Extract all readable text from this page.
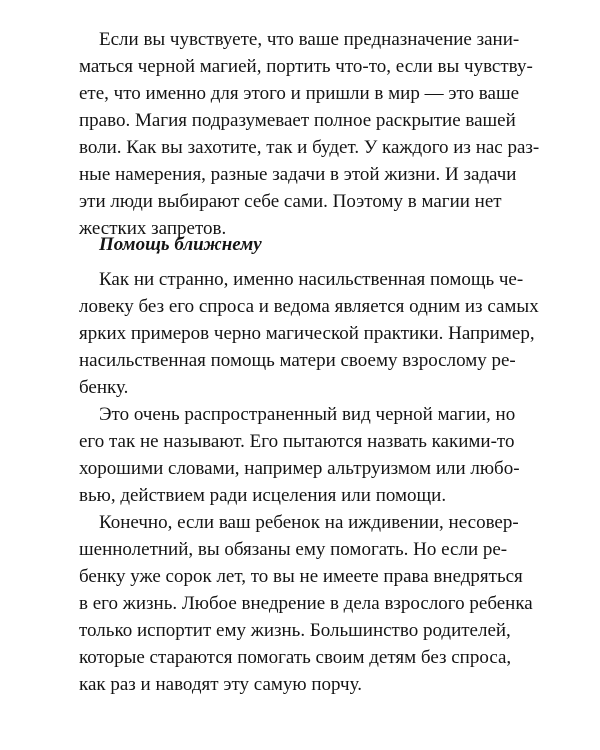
Если вы чувствуете, что ваше предназначение зани-
маться черной магией, портить что-то, если вы чувству-
ете, что именно для этого и пришли в мир — это ваше
право. Магия подразумевает полное раскрытие вашей
воли. Как вы захотите, так и будет. У каждого из нас раз-
ные намерения, разные задачи в этой жизни. И задачи
эти люди выбирают себе сами. Поэтому в магии нет
жестких запретов.
Помощь ближнему
Как ни странно, именно насильственная помощь че-
ловеку без его спроса и ведома является одним из самых
ярких примеров черно магической практики. Например,
насильственная помощь матери своему взрослому ре-
бенку.
Это очень распространенный вид черной магии, но
его так не называют. Его пытаются назвать какими-то
хорошими словами, например альтруизмом или любо-
вью, действием ради исцеления или помощи.
Конечно, если ваш ребенок на иждивении, несовер-
шеннолетний, вы обязаны ему помогать. Но если ре-
бенку уже сорок лет, то вы не имеете права внедряться
в его жизнь. Любое внедрение в дела взрослого ребенка
только испортит ему жизнь. Большинство родителей,
которые стараются помогать своим детям без спроса,
как раз и наводят эту самую порчу.
